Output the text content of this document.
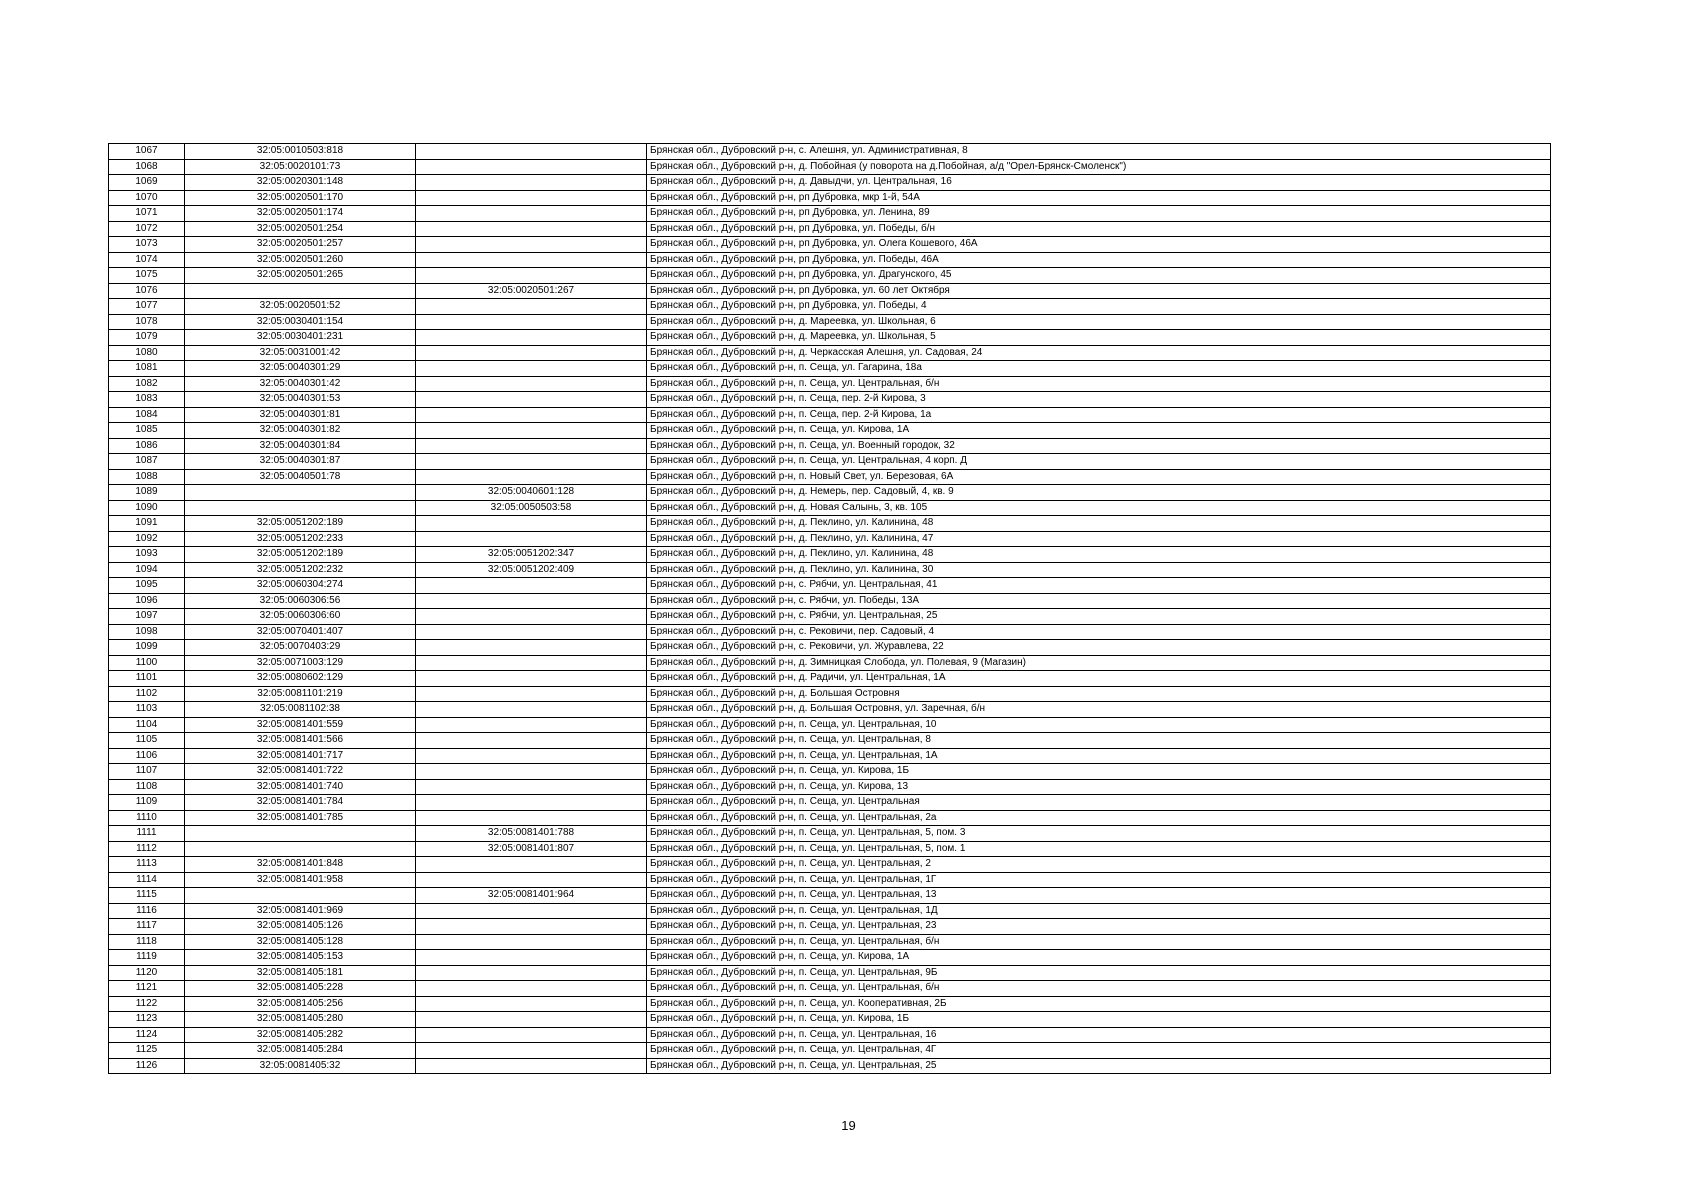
1067	32:05:0010503:818		Брянская обл., Дубровский р-н, с. Алешня, ул. Административная, 8
1068	32:05:0020101:73		Брянская обл., Дубровский р-н, д. Побойная (у поворота на д.Побойная, а/д "Орел-Брянск-Смоленск")
1069	32:05:0020301:148		Брянская обл., Дубровский р-н, д. Давыдчи, ул. Центральная, 16
1070	32:05:0020501:170		Брянская обл., Дубровский р-н, рп Дубровка, мкр 1-й, 54А
1071	32:05:0020501:174		Брянская обл., Дубровский р-н, рп Дубровка, ул. Ленина, 89
1072	32:05:0020501:254		Брянская обл., Дубровский р-н, рп Дубровка, ул. Победы, б/н
1073	32:05:0020501:257		Брянская обл., Дубровский р-н, рп Дубровка, ул. Олега Кошевого, 46А
1074	32:05:0020501:260		Брянская обл., Дубровский р-н, рп Дубровка, ул. Победы, 46А
1075	32:05:0020501:265		Брянская обл., Дубровский р-н, рп Дубровка, ул. Драгунского, 45
1076		32:05:0020501:267	Брянская обл., Дубровский р-н, рп Дубровка, ул. 60 лет Октября
1077	32:05:0020501:52		Брянская обл., Дубровский р-н, рп Дубровка, ул. Победы, 4
1078	32:05:0030401:154		Брянская обл., Дубровский р-н, д. Мареевка, ул. Школьная, 6
1079	32:05:0030401:231		Брянская обл., Дубровский р-н, д. Мареевка, ул. Школьная, 5
1080	32:05:0031001:42		Брянская обл., Дубровский р-н, д. Черкасская Алешня, ул. Садовая, 24
1081	32:05:0040301:29		Брянская обл., Дубровский р-н, п. Сеща, ул. Гагарина, 18а
1082	32:05:0040301:42		Брянская обл., Дубровский р-н, п. Сеща, ул. Центральная, б/н
1083	32:05:0040301:53		Брянская обл., Дубровский р-н, п. Сеща, пер. 2-й Кирова, 3
1084	32:05:0040301:81		Брянская обл., Дубровский р-н, п. Сеща, пер. 2-й Кирова, 1а
1085	32:05:0040301:82		Брянская обл., Дубровский р-н, п. Сеща, ул. Кирова, 1А
1086	32:05:0040301:84		Брянская обл., Дубровский р-н, п. Сеща, ул. Военный городок, 32
1087	32:05:0040301:87		Брянская обл., Дубровский р-н, п. Сеща, ул. Центральная, 4 корп. Д
1088	32:05:0040501:78		Брянская обл., Дубровский р-н, п. Новый Свет, ул. Березовая, 6А
1089		32:05:0040601:128	Брянская обл., Дубровский р-н, д. Немерь, пер. Садовый, 4, кв. 9
1090		32:05:0050503:58	Брянская обл., Дубровский р-н, д. Новая Салынь, 3, кв. 105
1091	32:05:0051202:189		Брянская обл., Дубровский р-н, д. Пеклино, ул. Калинина, 48
1092	32:05:0051202:233		Брянская обл., Дубровский р-н, д. Пеклино, ул. Калинина, 47
1093	32:05:0051202:189	32:05:0051202:347	Брянская обл., Дубровский р-н, д. Пеклино, ул. Калинина, 48
1094	32:05:0051202:232	32:05:0051202:409	Брянская обл., Дубровский р-н, д. Пеклино, ул. Калинина, 30
1095	32:05:0060304:274		Брянская обл., Дубровский р-н, с. Рябчи, ул. Центральная, 41
1096	32:05:0060306:56		Брянская обл., Дубровский р-н, с. Рябчи, ул. Победы, 13А
1097	32:05:0060306:60		Брянская обл., Дубровский р-н, с. Рябчи, ул. Центральная, 25
1098	32:05:0070401:407		Брянская обл., Дубровский р-н, с. Рековичи, пер. Садовый, 4
1099	32:05:0070403:29		Брянская обл., Дубровский р-н, с. Рековичи, ул. Журавлева, 22
1100	32:05:0071003:129		Брянская обл., Дубровский р-н, д. Зимницкая Слобода, ул. Полевая, 9 (Магазин)
1101	32:05:0080602:129		Брянская обл., Дубровский р-н, д. Радичи, ул. Центральная, 1А
1102	32:05:0081101:219		Брянская обл., Дубровский р-н, д. Большая Островня
1103	32:05:0081102:38		Брянская обл., Дубровский р-н, д. Большая Островня, ул. Заречная, б/н
1104	32:05:0081401:559		Брянская обл., Дубровский р-н, п. Сеща, ул. Центральная, 10
1105	32:05:0081401:566		Брянская обл., Дубровский р-н, п. Сеща, ул. Центральная, 8
1106	32:05:0081401:717		Брянская обл., Дубровский р-н, п. Сеща, ул. Центральная, 1А
1107	32:05:0081401:722		Брянская обл., Дубровский р-н, п. Сеща, ул. Кирова, 1Б
1108	32:05:0081401:740		Брянская обл., Дубровский р-н, п. Сеща, ул. Кирова, 13
1109	32:05:0081401:784		Брянская обл., Дубровский р-н, п. Сеща, ул. Центральная
1110	32:05:0081401:785		Брянская обл., Дубровский р-н, п. Сеща, ул. Центральная, 2а
1111		32:05:0081401:788	Брянская обл., Дубровский р-н, п. Сеща, ул. Центральная, 5, пом. 3
1112		32:05:0081401:807	Брянская обл., Дубровский р-н, п. Сеща, ул. Центральная, 5, пом. 1
1113	32:05:0081401:848		Брянская обл., Дубровский р-н, п. Сеща, ул. Центральная, 2
1114	32:05:0081401:958		Брянская обл., Дубровский р-н, п. Сеща, ул. Центральная, 1Г
1115		32:05:0081401:964	Брянская обл., Дубровский р-н, п. Сеща, ул. Центральная, 13
1116	32:05:0081401:969		Брянская обл., Дубровский р-н, п. Сеща, ул. Центральная, 1Д
1117	32:05:0081405:126		Брянская обл., Дубровский р-н, п. Сеща, ул. Центральная, 23
1118	32:05:0081405:128		Брянская обл., Дубровский р-н, п. Сеща, ул. Центральная, б/н
1119	32:05:0081405:153		Брянская обл., Дубровский р-н, п. Сеща, ул. Кирова, 1А
1120	32:05:0081405:181		Брянская обл., Дубровский р-н, п. Сеща, ул. Центральная, 9Б
1121	32:05:0081405:228		Брянская обл., Дубровский р-н, п. Сеща, ул. Центральная, б/н
1122	32:05:0081405:256		Брянская обл., Дубровский р-н, п. Сеща, ул. Кооперативная, 2Б
1123	32:05:0081405:280		Брянская обл., Дубровский р-н, п. Сеща, ул. Кирова, 1Б
1124	32:05:0081405:282		Брянская обл., Дубровский р-н, п. Сеща, ул. Центральная, 16
1125	32:05:0081405:284		Брянская обл., Дубровский р-н, п. Сеща, ул. Центральная, 4Г
1126	32:05:0081405:32		Брянская обл., Дубровский р-н, п. Сеща, ул. Центральная, 25
19
